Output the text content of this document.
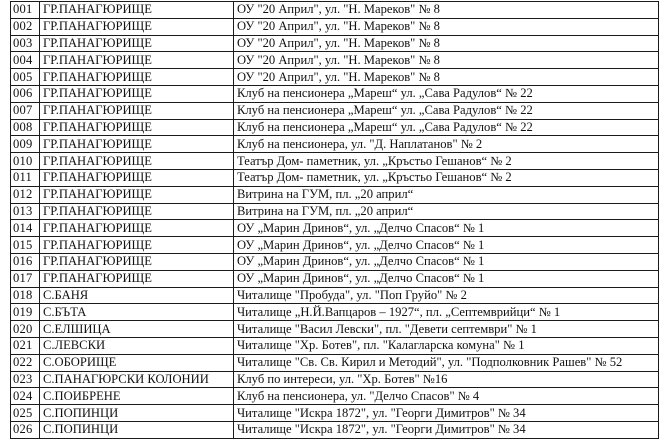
001	ГР.ПАНАГЮРИЩЕ	ОУ "20 Април", ул. "Н. Мареков" № 8
002	ГР.ПАНАГЮРИЩЕ	ОУ "20 Април", ул. "Н. Мареков" № 8
003	ГР.ПАНАГЮРИЩЕ	ОУ "20 Април", ул. "Н. Мареков" № 8
004	ГР.ПАНАГЮРИЩЕ	ОУ "20 Април", ул. "Н. Мареков" № 8
005	ГР.ПАНАГЮРИЩЕ	ОУ "20 Април", ул. "Н. Мареков" № 8
006	ГР.ПАНАГЮРИЩЕ	Клуб на пенсионера „Мареш“ ул. „Сава Радулов“ № 22
007	ГР.ПАНАГЮРИЩЕ	Клуб на пенсионера „Мареш“ ул. „Сава Радулов“ № 22
008	ГР.ПАНАГЮРИЩЕ	Клуб на пенсионера „Мареш“ ул. „Сава Радулов“ № 22
009	ГР.ПАНАГЮРИЩЕ	Клуб на пенсионера, ул. "Д. Наплатанов" № 2
010	ГР.ПАНАГЮРИЩЕ	Театър Дом- паметник, ул. „Кръстьо Гешанов“ № 2
011	ГР.ПАНАГЮРИЩЕ	Театър Дом- паметник, ул. „Кръстьо Гешанов“ № 2
012	ГР.ПАНАГЮРИЩЕ	Витрина на ГУМ, пл. „20 април“
013	ГР.ПАНАГЮРИЩЕ	Витрина на ГУМ, пл. „20 април“
014	ГР.ПАНАГЮРИЩЕ	ОУ „Марин Дринов“, ул. „Делчо Спасов“ № 1
015	ГР.ПАНАГЮРИЩЕ	ОУ „Марин Дринов“, ул. „Делчо Спасов“ № 1
016	ГР.ПАНАГЮРИЩЕ	ОУ „Марин Дринов“, ул. „Делчо Спасов“ № 1
017	ГР.ПАНАГЮРИЩЕ	ОУ „Марин Дринов“, ул. „Делчо Спасов“ № 1
018	С.БАНЯ	Читалище "Пробуда", ул. "Поп Груйо" № 2
019	С.БЪТА	Читалище „Н.Й.Вапцаров – 1927“, пл. „Септемврийци“ № 1
020	С.ЕЛШИЦА	Читалище "Васил Левски", пл. "Девети септември" № 1
021	С.ЛЕВСКИ	Читалище "Хр. Ботев", пл. "Калагларска комуна" № 1
022	С.ОБОРИЩЕ	Читалище "Св. Св. Кирил и Методий", ул. "Подполковник Рашев" № 52
023	С.ПАНАГЮРСКИ КОЛОНИИ	Клуб по интереси, ул. "Хр. Ботев" №16
024	С.ПОИБРЕНЕ	Клуб на пенсионера, ул. "Делчо Спасов" № 4
025	С.ПОПИНЦИ	Читалище "Искра 1872", ул. "Георги Димитров" № 34
026	С.ПОПИНЦИ	Читалище "Искра 1872", ул. "Георги Димитров" № 34
